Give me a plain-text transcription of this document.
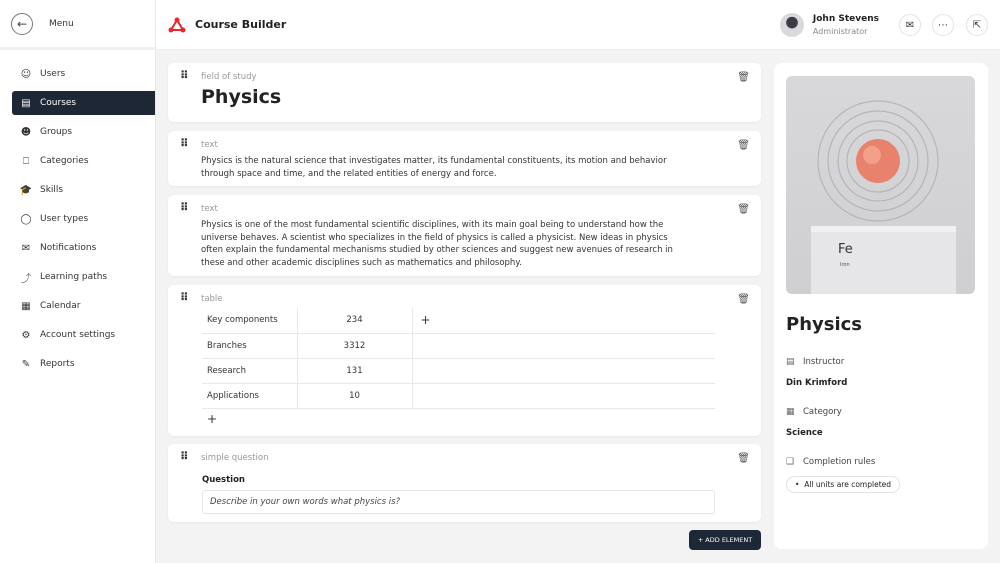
←	Menu
☺ Users
▤ Courses
☻ Groups
⎕	Categories
🎓 Skills
◯ User types
✉ Notifications
⤴ Learning paths
▦ Calendar
⚙ Account settings
✎ Reports
Course Builder	John Stevens
Administrator
✉ ⋯ ⇱
⠿ field of study
Physics
🗑
⠿ text
Physics is the natural science that investigates matter, its fundamental constituents, its motion and behavior through space and time, and the related entities of energy and force.
🗑
⠿ text
Physics is one of the most fundamental scientific disciplines, with its main goal being to understand how the universe behaves. A scientist who specializes in the field of physics is called a physicist. New ideas in physics often explain the fundamental mechanisms studied by other sciences and suggest new avenues of research in these and other academic disciplines such as mathematics and philosophy.
🗑
⠿ table
Key components	234	+
Branches	3312	
Research	131	
Applications	10	
+
🗑
⠿ simple question
Question
Describe in your own words what physics is?
🗑
+ ADD ELEMENT
Fe
Iron
Physics
▤ Instructor
Din Krimford
▦ Category
Science
❑	Completion rules
• All units are completed
